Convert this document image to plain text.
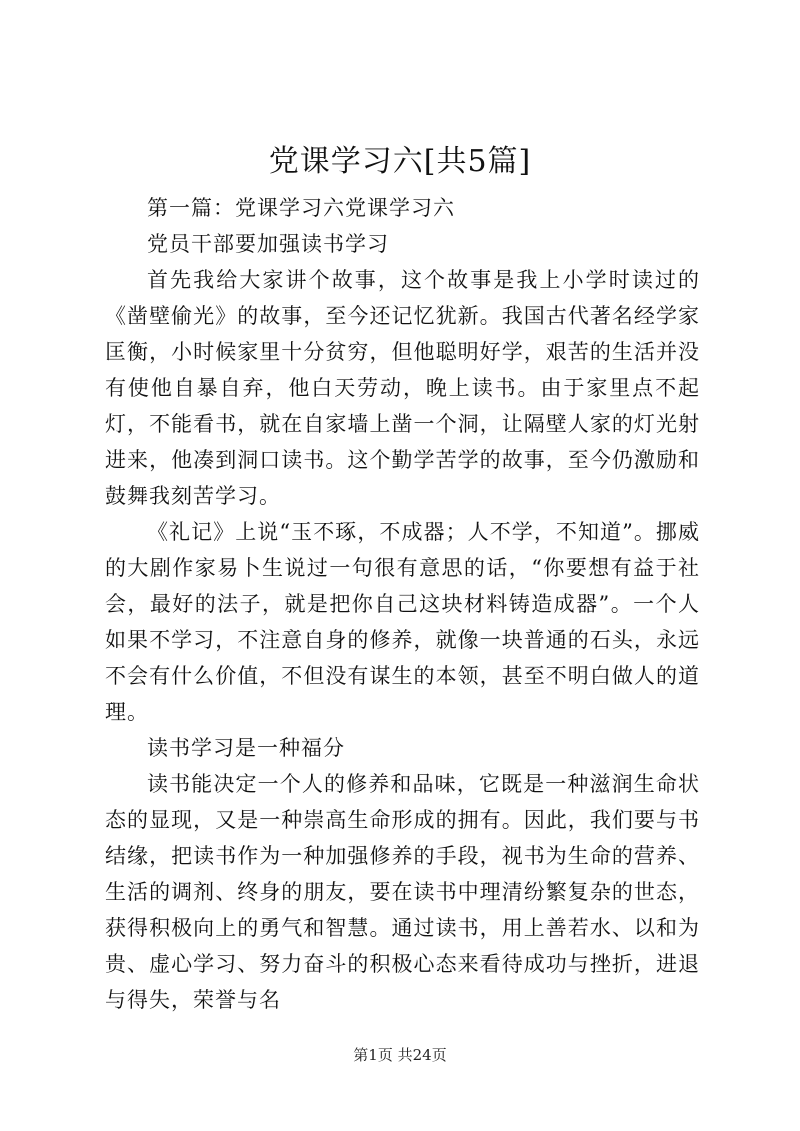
党课学习六[共5篇]

第一篇：党课学习六党课学习六

党员干部要加强读书学习

首先我给大家讲个故事，这个故事是我上小学时读过的《凿壁偷光》的故事，至今还记忆犹新。我国古代著名经学家匡衡，小时候家里十分贫穷，但他聪明好学，艰苦的生活并没有使他自暴自弃，他白天劳动，晚上读书。由于家里点不起灯，不能看书，就在自家墙上凿一个洞，让隔壁人家的灯光射进来，他凑到洞口读书。这个勤学苦学的故事，至今仍激励和鼓舞我刻苦学习。

《礼记》上说“玉不琢，不成器；人不学，不知道”。挪威的大剧作家易卜生说过一句很有意思的话，“你要想有益于社会，最好的法子，就是把你自己这块材料铸造成器”。一个人如果不学习，不注意自身的修养，就像一块普通的石头，永远不会有什么价值，不但没有谋生的本领，甚至不明白做人的道理。

读书学习是一种福分

读书能决定一个人的修养和品味，它既是一种滋润生命状态的显现，又是一种崇高生命形成的拥有。因此，我们要与书结缘，把读书作为一种加强修养的手段，视书为生命的营养、生活的调剂、终身的朋友，要在读书中理清纷繁复杂的世态，获得积极向上的勇气和智慧。通过读书，用上善若水、以和为贵、虚心学习、努力奋斗的积极心态来看待成功与挫折，进退与得失，荣誉与名

第1页 共24页
